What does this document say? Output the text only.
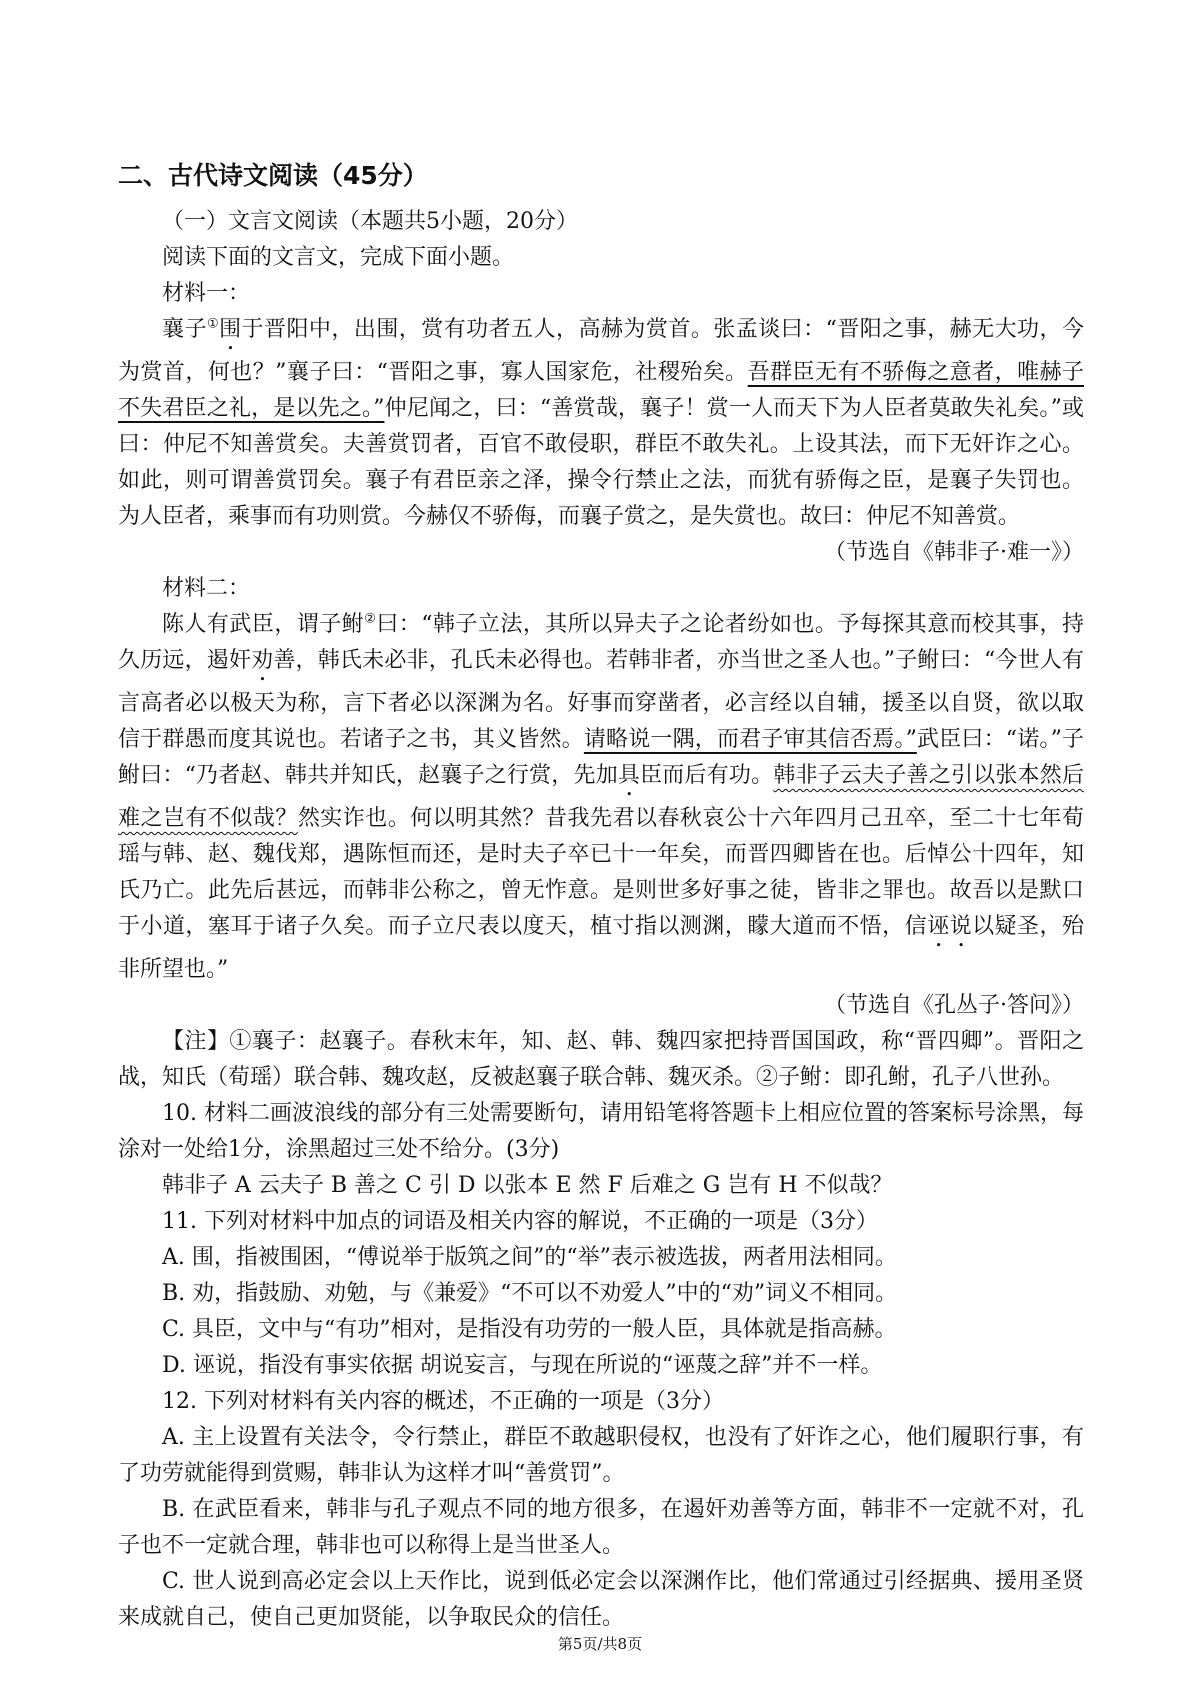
二、古代诗文阅读（45分）

（一）文言文阅读（本题共5小题，20分）

阅读下面的文言文，完成下面小题。

材料一：

襄子①围于晋阳中，出围，赏有功者五人，高赫为赏首。张孟谈曰：“晋阳之事，赫无大功，今为赏首，何也？”襄子曰：“晋阳之事，寡人国家危，社稷殆矣。吾群臣无有不骄侮之意者，唯赫子不失君臣之礼，是以先之。”仲尼闻之，曰：“善赏哉，襄子！赏一人而天下为人臣者莫敢失礼矣。”或曰：仲尼不知善赏矣。夫善赏罚者，百官不敢侵职，群臣不敢失礼。上设其法，而下无奸诈之心。如此，则可谓善赏罚矣。襄子有君臣亲之泽，操令行禁止之法，而犹有骄侮之臣，是襄子失罚也。为人臣者，乘事而有功则赏。今赫仅不骄侮，而襄子赏之，是失赏也。故曰：仲尼不知善赏。

（节选自《韩非子·难一》）

材料二：

陈人有武臣，谓子鲋②曰：“韩子立法，其所以异夫子之论者纷如也。予每探其意而校其事，持久历远，遏奸劝善，韩氏未必非，孔氏未必得也。若韩非者，亦当世之圣人也。”子鲋曰：“今世人有言高者必以极天为称，言下者必以深渊为名。好事而穿凿者，必言经以自辅，援圣以自贤，欲以取信于群愚而度其说也。若诸子之书，其义皆然。请略说一隅，而君子审其信否焉。”武臣曰：“诺。”子鲋曰：“乃者赵、韩共并知氏，赵襄子之行赏，先加具臣而后有功。韩非子云夫子善之引以张本然后难之岂有不似哉？然实诈也。何以明其然？昔我先君以春秋哀公十六年四月己丑卒，至二十七年荀瑶与韩、赵、魏伐郑，遇陈恒而还，是时夫子卒已十一年矣，而晋四卿皆在也。后悼公十四年，知氏乃亡。此先后甚远，而韩非公称之，曾无怍意。是则世多好事之徒，皆非之罪也。故吾以是默口于小道，塞耳于诸子久矣。而子立尺表以度天，植寸指以测渊，矇大道而不悟，信诬说以疑圣，殆非所望也。”

（节选自《孔丛子·答问》）

【注】①襄子：赵襄子。春秋末年，知、赵、韩、魏四家把持晋国国政，称“晋四卿”。晋阳之战，知氏（荀瑶）联合韩、魏攻赵，反被赵襄子联合韩、魏灭杀。②子鲋：即孔鲋，孔子八世孙。

10. 材料二画波浪线的部分有三处需要断句，请用铅笔将答题卡上相应位置的答案标号涂黑，每涂对一处给1分，涂黑超过三处不给分。(3分)

韩非子 A 云夫子 B 善之 C 引 D 以张本 E 然 F 后难之 G 岂有 H 不似哉？

11. 下列对材料中加点的词语及相关内容的解说，不正确的一项是（3分）

A. 围，指被围困，“傅说举于版筑之间”的“举”表示被选拔，两者用法相同。

B. 劝，指鼓励、劝勉，与《兼爱》“不可以不劝爱人”中的“劝”词义不相同。

C. 具臣，文中与“有功”相对，是指没有功劳的一般人臣，具体就是指高赫。

D. 诬说，指没有事实依据 胡说妄言，与现在所说的“诬蔑之辞”并不一样。

12. 下列对材料有关内容的概述，不正确的一项是（3分）

A. 主上设置有关法令，令行禁止，群臣不敢越职侵权，也没有了奸诈之心，他们履职行事，有了功劳就能得到赏赐，韩非认为这样才叫“善赏罚”。

B. 在武臣看来，韩非与孔子观点不同的地方很多，在遏奸劝善等方面，韩非不一定就不对，孔子也不一定就合理，韩非也可以称得上是当世圣人。

C. 世人说到高必定会以上天作比，说到低必定会以深渊作比，他们常通过引经据典、援用圣贤来成就自己，使自己更加贤能，以争取民众的信任。

第5页/共8页
